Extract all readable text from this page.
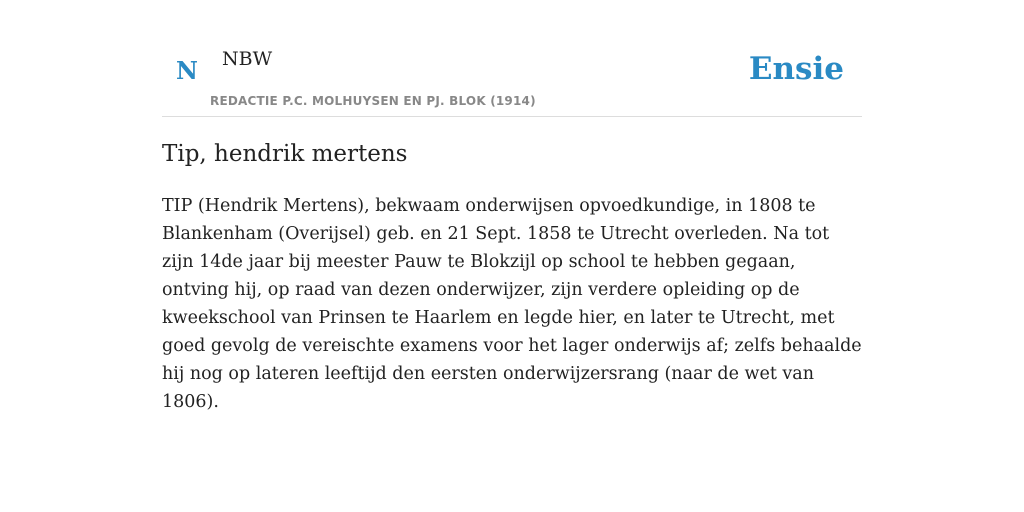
N NBW
REDACTIE P.C. MOLHUYSEN EN PJ. BLOK (1914)
Ensie
Tip, hendrik mertens

TIP (Hendrik Mertens), bekwaam onderwijsen opvoedkundige, in 1808 te Blankenham (Overijsel) geb. en 21 Sept. 1858 te Utrecht overleden. Na tot zijn 14de jaar bij meester Pauw te Blokzijl op school te hebben gegaan, ontving hij, op raad van dezen onderwijzer, zijn verdere opleiding op de kweekschool van Prinsen te Haarlem en legde hier, en later te Utrecht, met goed gevolg de vereischte examens voor het lager onderwijs af; zelfs behaalde hij nog op lateren leeftijd den eersten onderwijzersrang (naar de wet van 1806).
